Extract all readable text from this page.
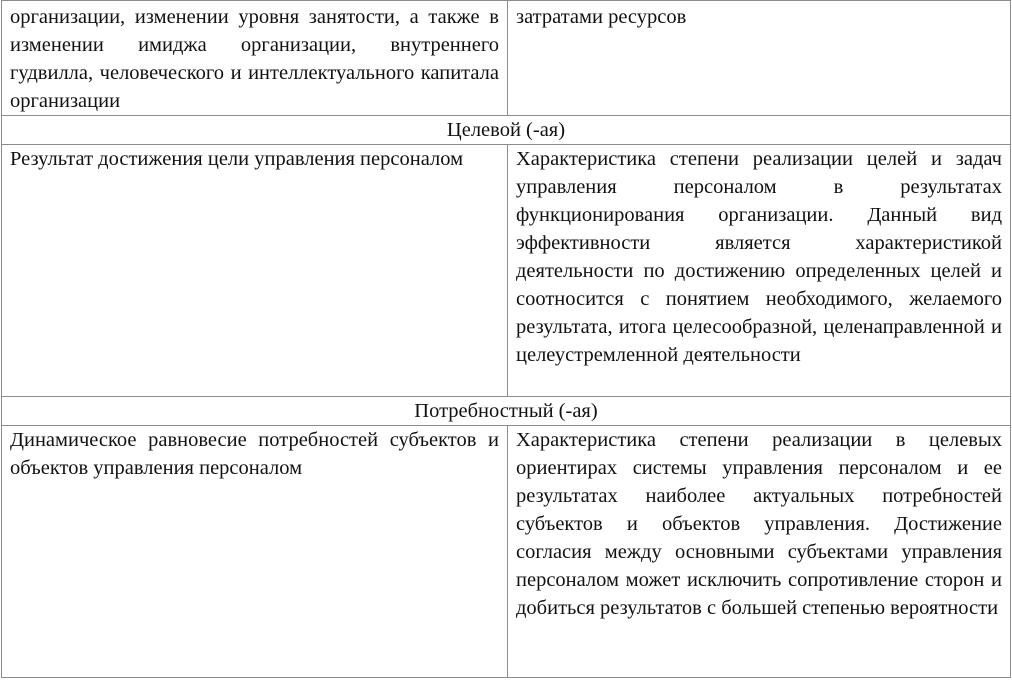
организации, изменении уровня занятости, а также в изменении имиджа организации, внутреннего гудвилла, человеческого и интеллектуального капитала организации	затратами ресурсов
Целевой (-ая)	
Результат достижения цели управления персоналом	Характеристика степени реализации целей и задач управления персоналом в результатах функционирования организации. Данный вид эффективности является характеристикой деятельности по достижению определенных целей и соотносится с понятием необходимого, желаемого результата, итога целесообразной, целенаправленной и целеустремленной деятельности
Потребностный (-ая)	
Динамическое равновесие потребностей субъектов и объектов управления персоналом	Характеристика степени реализации в целевых ориентирах системы управления персоналом и ее результатах наиболее актуальных потребностей субъектов и объектов управления. Достижение согласия между основными субъектами управления персоналом может исключить сопротивление сторон и добиться результатов с большей степенью вероятности
